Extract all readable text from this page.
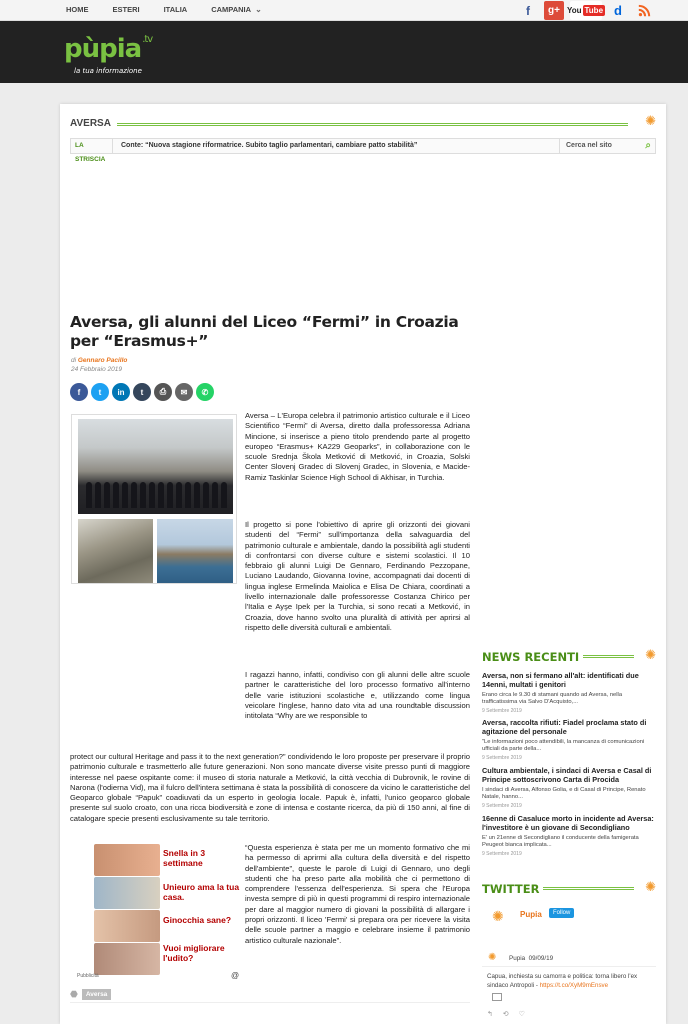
HOME	ESTERI	ITALIA	CAMPANIA ⌄	f	g+ You Tube d
pùpia$^{.tv}$
la tua informazione
AVERSA	✺
LA STRISCIA
Conte: “Nuova stagione riformatrice. Subito taglio parlamentari, cambiare patto stabilità”	Cerca nel sito	⌕
Aversa, gli alunni del Liceo “Fermi” in Croazia per “Erasmus+”
di Gennaro Pacillo
24 Febbraio 2019
f	t	in	t	⎙	✉	✆

Aversa – L'Europa celebra il patrimonio artistico culturale e il Liceo Scientifico “Fermi” di Aversa, diretto dalla professoressa Adriana Mincione, si inserisce a pieno titolo prendendo parte al progetto europeo “Erasmus+ KA229 Geoparks”, in collaborazione con le scuole Srednja Škola Metković di Metković, in Croazia, Solski Center Slovenj Gradec di Slovenj Gradec, in Slovenia, e Macide-Ramiz Taskinlar Science High School di Akhisar, in Turchia.

Il progetto si pone l'obiettivo di aprire gli orizzonti dei giovani studenti del “Fermi” sull'importanza della salvaguardia del patrimonio culturale e ambientale, dando la possibilità agli studenti di confrontarsi con diverse culture e sistemi scolastici. Il 10 febbraio gli alunni Luigi De Gennaro, Ferdinando Pezzopane, Luciano Laudando, Giovanna Iovine, accompagnati dai docenti di lingua inglese Ermelinda Maiolica e Elisa De Chiara, coordinati a livello internazionale dalle professoresse Costanza Chirico per l'Italia e Ayşe Ipek per la Turchia, si sono recati a Metković, in Croazia, dove hanno svolto una pluralità di attività per aprirsi al rispetto delle diversità culturali e ambientali.

I ragazzi hanno, infatti, condiviso con gli alunni delle altre scuole partner le caratteristiche del loro processo formativo all'interno delle varie istituzioni scolastiche e, utilizzando come lingua veicolare l'inglese, hanno dato vita ad una roundtable discussion intitolata “Why are we responsible to

protect our cultural Heritage and pass it to the next generation?” condividendo le loro proposte per preservare il proprio patrimonio culturale e trasmetterlo alle future generazioni. Non sono mancate diverse visite presso punti di maggiore interesse nel paese ospitante come: il museo di storia naturale a Metković, la città vecchia di Dubrovnik, le rovine di Narona (l'odierna Vid), ma il fulcro dell'intera settimana è stata la possibilità di conoscere da vicino le caratteristiche del Geoparco globale “Papuk” coadiuvati da un esperto in geologia locale. Papuk è, infatti, l'unico geoparco globale presente sul suolo croato, con una ricca biodiversità e zone di intensa e costante ricerca, da più di 150 anni, al fine di catalogare specie presenti esclusivamente su tale territorio.

“Questa esperienza è stata per me un momento formativo che mi ha permesso di aprirmi alla cultura della diversità e del rispetto dell'ambiente”, queste le parole di Luigi di Gennaro, uno degli studenti che ha preso parte alla mobilità che ci permettono di comprendere l'essenza dell'esperienza. Si spera che l'Europa investa sempre di più in questi programmi di respiro internazionale per dare al maggior numero di giovani la possibilità di allargare i propri orizzonti. Il liceo 'Fermi' si prepara ora per ricevere la visita delle scuole partner a maggio e celebrare insieme il patrimonio artistico culturale nazionale”.

Snella in 3 settimane
Unieuro ama la tua casa.
Ginocchia sane?
Vuoi migliorare l'udito?
Pubblicità	@
⬣	Aversa
NEWS RECENTI	✺
Aversa, non si fermano all'alt: identificati due 14enni, multati i genitori
Erano circa le 9.30 di stamani quando ad Aversa, nella trafficatissima via Salvo D'Acquisto,...
9 Settembre 2019
Aversa, raccolta rifiuti: Fiadel proclama stato di agitazione del personale
"Le informazioni poco attendibili, la mancanza di comunicazioni ufficiali da parte della...
9 Settembre 2019
Cultura ambientale, i sindaci di Aversa e Casal di Principe sottoscrivono Carta di Procida
I sindaci di Aversa, Alfonso Golia, e di Casal di Principe, Renato Natale, hanno...
9 Settembre 2019
16enne di Casaluce morto in incidente ad Aversa: l'investitore è un giovane di Secondigliano
E' un 21enne di Secondigliano il conducente della famigerata Peugeot bianca implicata...
9 Settembre 2019
TWITTER	✺
✺ Pupia	Follow
✺ Pupia 09/09/19
Capua, inchiesta su camorra e politica: torna libero l'ex sindaco Antropoli - https://t.co/XyM9mEnsve
↰ ⟲ ♡
